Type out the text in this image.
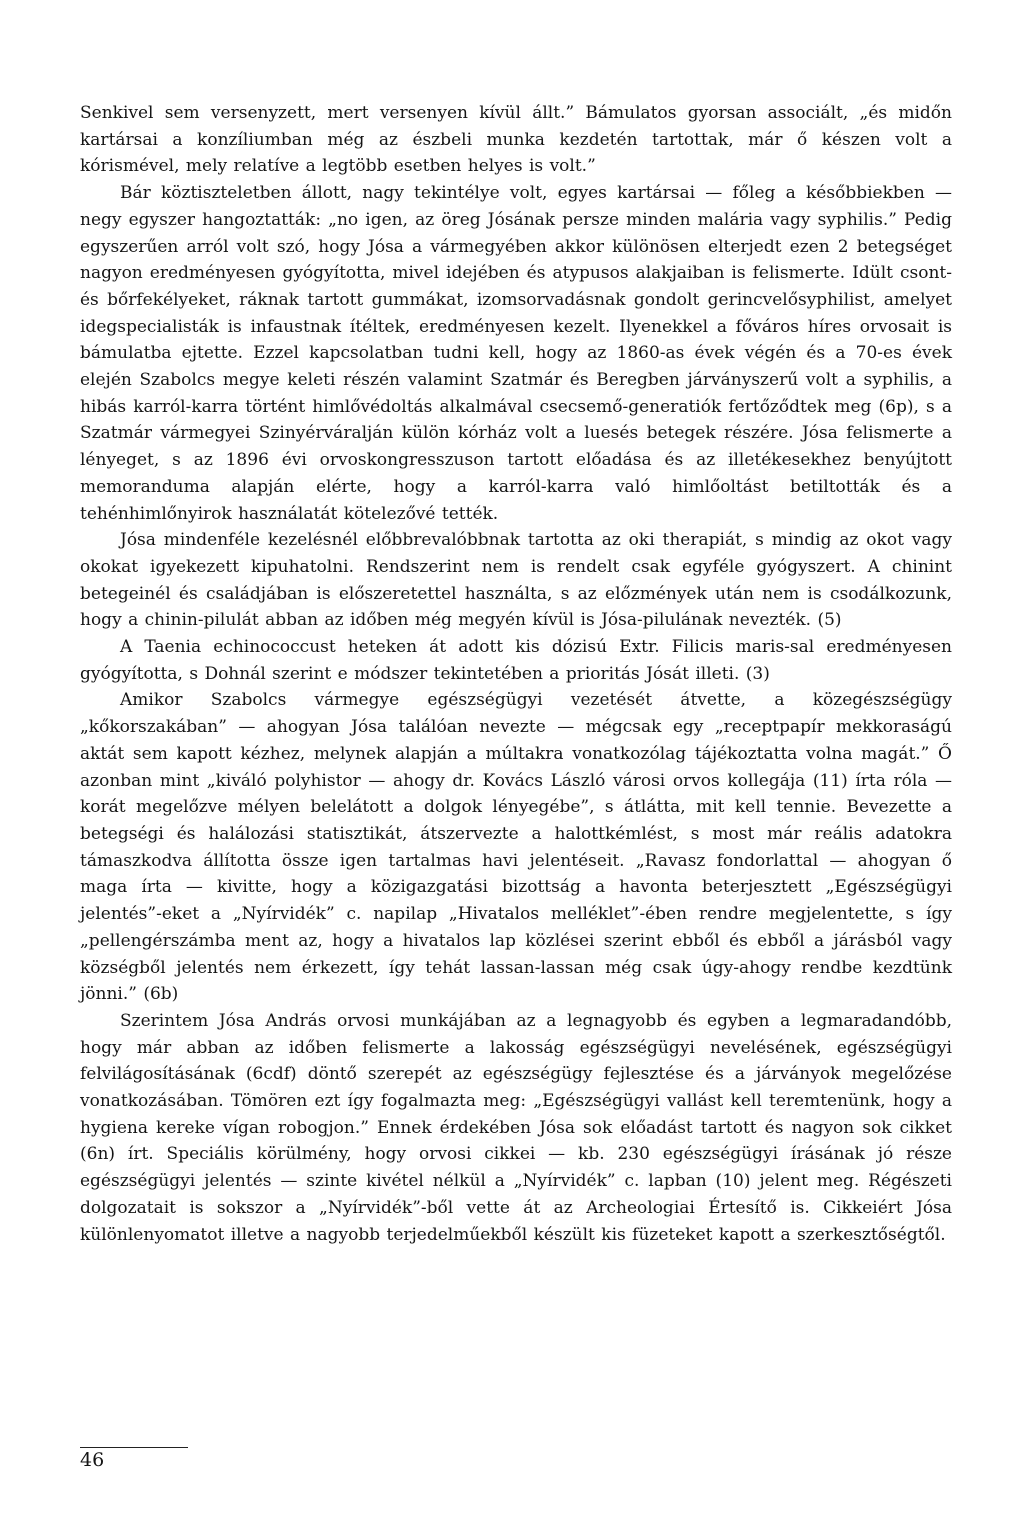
Senkivel sem versenyzett, mert versenyen kívül állt.” Bámulatos gyorsan associált, „és midőn kartársai a konzíliumban még az észbeli munka kezdetén tartottak, már ő készen volt a kórismével, mely relatíve a legtöbb esetben helyes is volt.”

Bár köztiszteletben állott, nagy tekintélye volt, egyes kartársai — főleg a későbbiekben — negy egyszer hangoztatták: „no igen, az öreg Jósának persze minden malária vagy syphilis.” Pedig egyszerűen arról volt szó, hogy Jósa a vármegyében akkor különösen elterjedt ezen 2 betegséget nagyon eredményesen gyógyította, mivel idejében és atypusos alakjaiban is felismerte. Idült csont- és bőrfekélyeket, ráknak tartott gummákat, izomsorvadásnak gondolt gerincvelősyphilist, amelyet idegspecialisták is infaustnak ítéltek, eredményesen kezelt. Ilyenekkel a főváros híres orvosait is bámulatba ejtette. Ezzel kapcsolatban tudni kell, hogy az 1860-as évek végén és a 70-es évek elején Szabolcs megye keleti részén valamint Szatmár és Beregben járványszerű volt a syphilis, a hibás karról-karra történt himlővédoltás alkalmával csecsemő-generatiók fertőződtek meg (6p), s a Szatmár vármegyei Szinyérváralján külön kórház volt a luesés betegek részére. Jósa felismerte a lényeget, s az 1896 évi orvoskongresszuson tartott előadása és az illetékesekhez benyújtott memoranduma alapján elérte, hogy a karról-karra való himlőoltást betiltották és a tehénhimlőnyirok használatát kötelezővé tették.

Jósa mindenféle kezelésnél előbbrevalóbbnak tartotta az oki therapiát, s mindig az okot vagy okokat igyekezett kipuhatolni. Rendszerint nem is rendelt csak egyféle gyógyszert. A chinint betegeinél és családjában is előszeretettel használta, s az előzmények után nem is csodálkozunk, hogy a chinin-pilulát abban az időben még megyén kívül is Jósa-pilulának nevezték. (5)

A Taenia echinococcust heteken át adott kis dózisú Extr. Filicis maris-sal eredményesen gyógyította, s Dohnál szerint e módszer tekintetében a prioritás Jósát illeti. (3)

Amikor Szabolcs vármegye egészségügyi vezetését átvette, a közegészségügy „kőkorszakában” — ahogyan Jósa találóan nevezte — mégcsak egy „receptpapír mekkoraságú aktát sem kapott kézhez, melynek alapján a múltakra vonatkozólag tájékoztatta volna magát.” Ő azonban mint „kiváló polyhistor — ahogy dr. Kovács László városi orvos kollegája (11) írta róla — korát megelőzve mélyen belelátott a dolgok lényegébe”, s átlátta, mit kell tennie. Bevezette a betegségi és halálozási statisztikát, átszervezte a halottkémlést, s most már reális adatokra támaszkodva állította össze igen tartalmas havi jelentéseit. „Ravasz fondorlattal — ahogyan ő maga írta — kivitte, hogy a közigazgatási bizottság a havonta beterjesztett „Egészségügyi jelentés”-eket a „Nyírvidék” c. napilap „Hivatalos melléklet”-ében rendre megjelentette, s így „pellengérszámba ment az, hogy a hivatalos lap közlései szerint ebből és ebből a járásból vagy községből jelentés nem érkezett, így tehát lassan-lassan még csak úgy-ahogy rendbe kezdtünk jönni.” (6b)

Szerintem Jósa András orvosi munkájában az a legnagyobb és egyben a legmaradandóbb, hogy már abban az időben felismerte a lakosság egészségügyi nevelésének, egészségügyi felvilágosításának (6cdf) döntő szerepét az egészségügy fejlesztése és a járványok megelőzése vonatkozásában. Tömören ezt így fogalmazta meg: „Egészségügyi vallást kell teremtenünk, hogy a hygiena kereke vígan robogjon.” Ennek érdekében Jósa sok előadást tartott és nagyon sok cikket (6n) írt. Speciális körülmény, hogy orvosi cikkei — kb. 230 egészségügyi írásának jó része egészségügyi jelentés — szinte kivétel nélkül a „Nyírvidék” c. lapban (10) jelent meg. Régészeti dolgozatait is sokszor a „Nyírvidék”-ből vette át az Archeologiai Értesítő is. Cikkeiért Jósa különlenyomatot illetve a nagyobb terjedelműekből készült kis füzeteket kapott a szerkesztőségtől.

46
